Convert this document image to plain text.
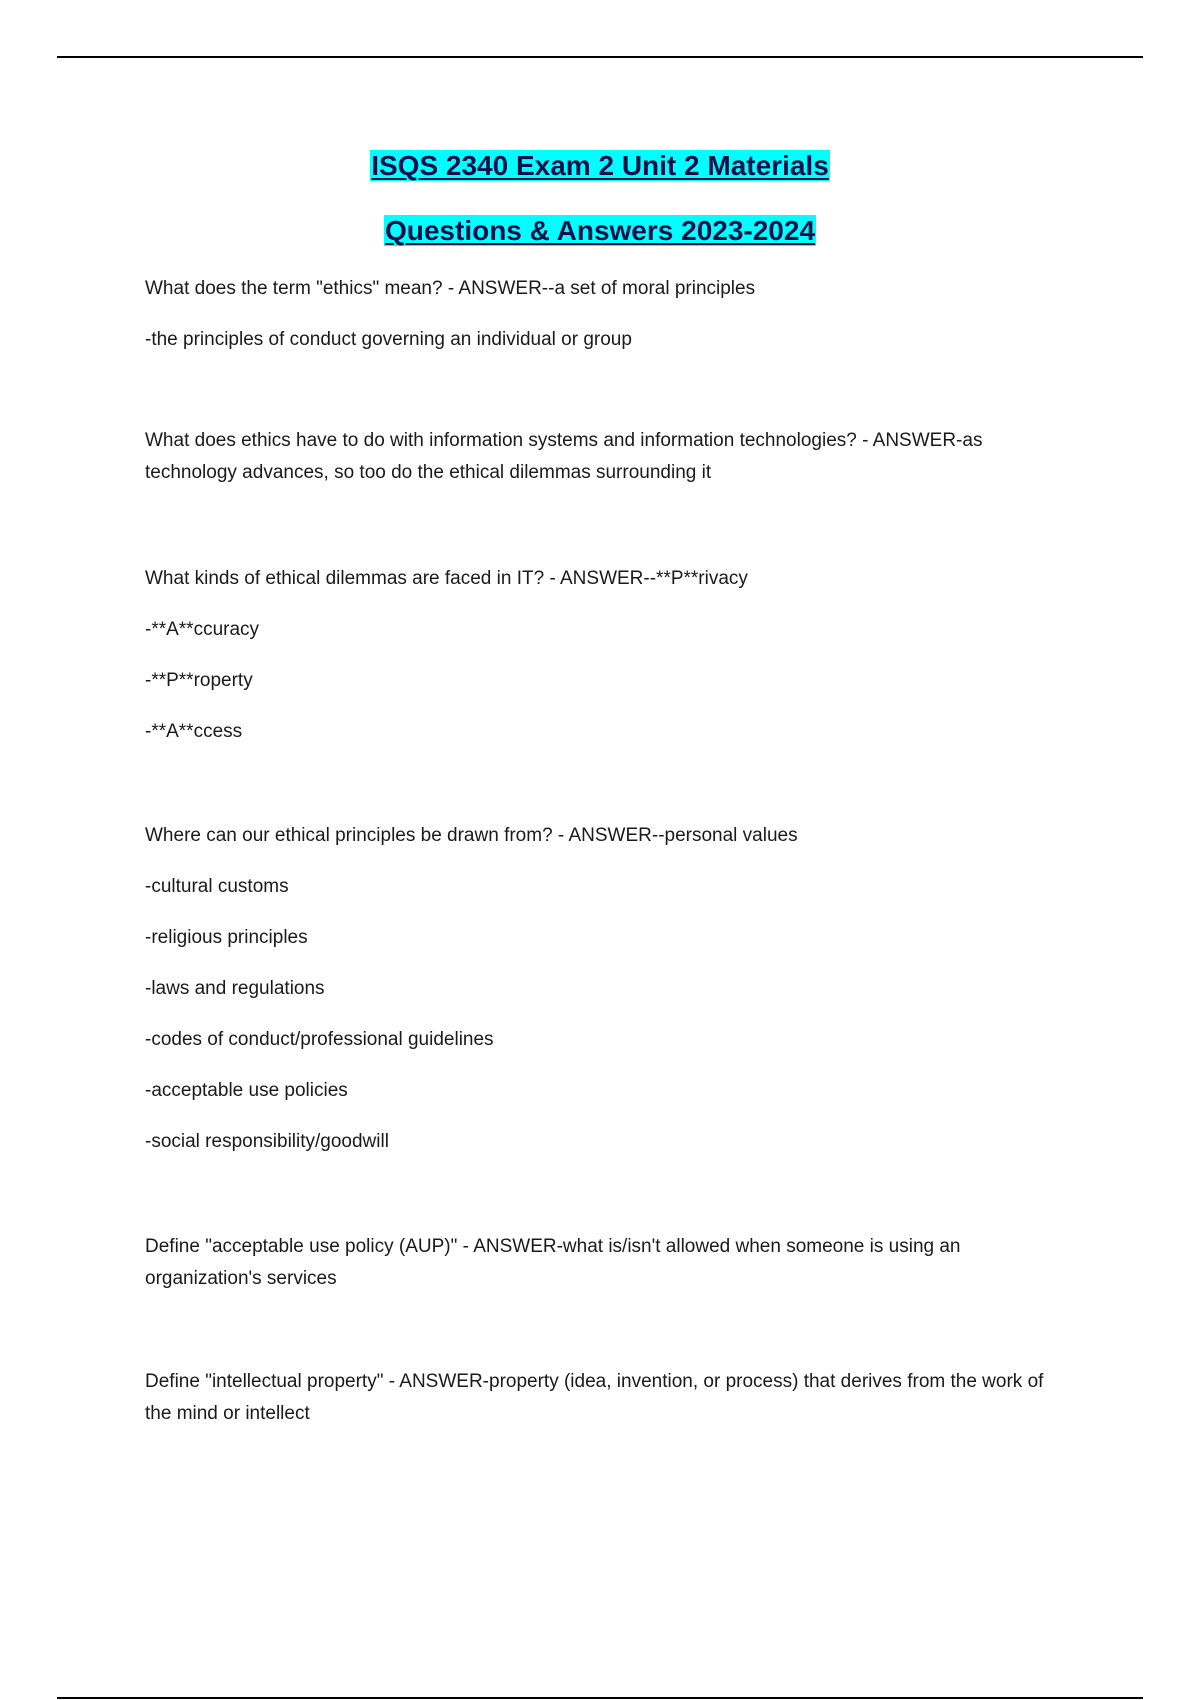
ISQS 2340 Exam 2 Unit 2 Materials
Questions & Answers 2023-2024

What does the term "ethics" mean? - ANSWER--a set of moral principles

-the principles of conduct governing an individual or group

What does ethics have to do with information systems and information technologies? - ANSWER-as technology advances, so too do the ethical dilemmas surrounding it

What kinds of ethical dilemmas are faced in IT? - ANSWER--**P**rivacy

-**A**ccuracy

-**P**roperty

-**A**ccess

Where can our ethical principles be drawn from? - ANSWER--personal values

-cultural customs

-religious principles

-laws and regulations

-codes of conduct/professional guidelines

-acceptable use policies

-social responsibility/goodwill

Define "acceptable use policy (AUP)" - ANSWER-what is/isn't allowed when someone is using an organization's services

Define "intellectual property" - ANSWER-property (idea, invention, or process) that derives from the work of the mind or intellect
